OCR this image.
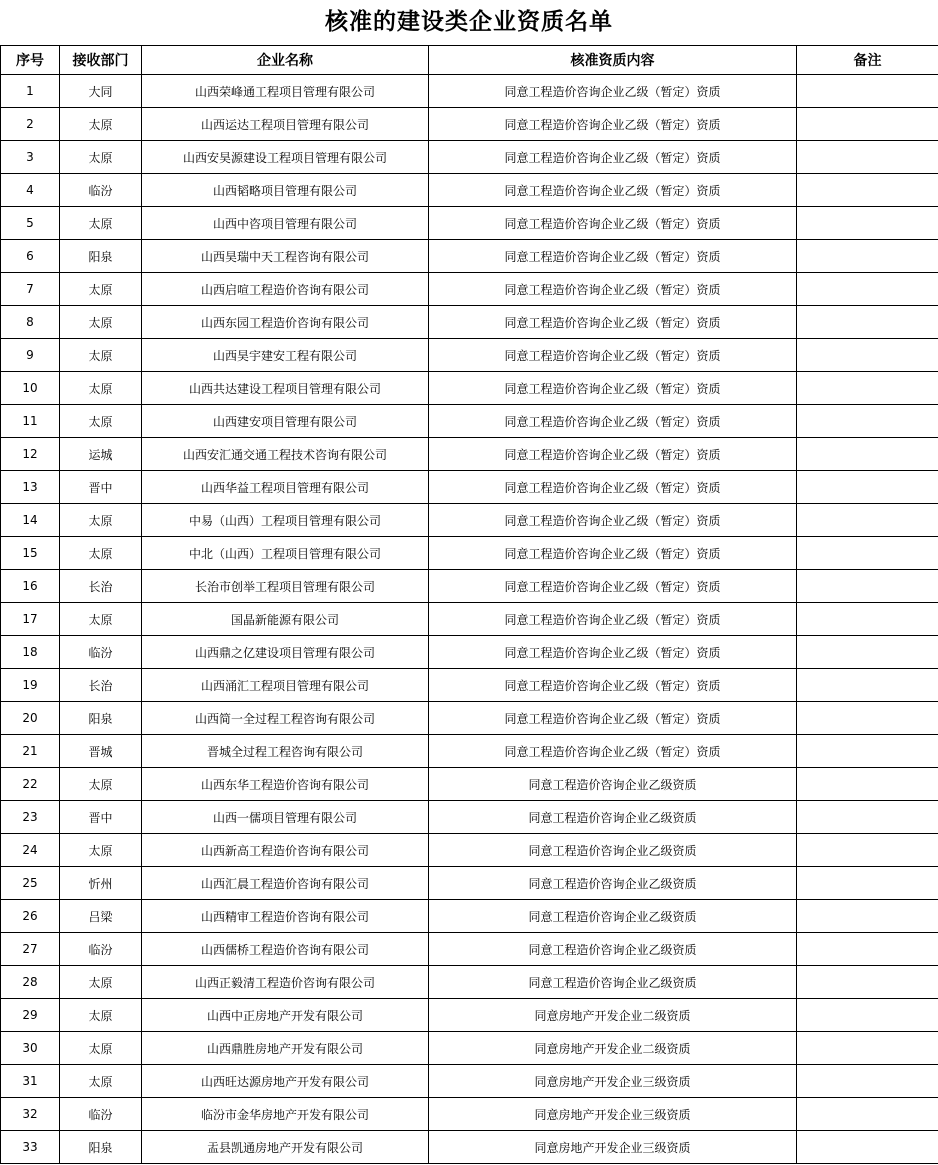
核准的建设类企业资质名单
序号	接收部门	企业名称	核准资质内容	备注
1	大同	山西荣峰通工程项目管理有限公司	同意工程造价咨询企业乙级（暂定）资质	
2	太原	山西运达工程项目管理有限公司	同意工程造价咨询企业乙级（暂定）资质	
3	太原	山西安昊源建设工程项目管理有限公司	同意工程造价咨询企业乙级（暂定）资质	
4	临汾	山西韬略项目管理有限公司	同意工程造价咨询企业乙级（暂定）资质	
5	太原	山西中咨项目管理有限公司	同意工程造价咨询企业乙级（暂定）资质	
6	阳泉	山西昊瑞中天工程咨询有限公司	同意工程造价咨询企业乙级（暂定）资质	
7	太原	山西启喧工程造价咨询有限公司	同意工程造价咨询企业乙级（暂定）资质	
8	太原	山西东园工程造价咨询有限公司	同意工程造价咨询企业乙级（暂定）资质	
9	太原	山西昊宇建安工程有限公司	同意工程造价咨询企业乙级（暂定）资质	
10	太原	山西共达建设工程项目管理有限公司	同意工程造价咨询企业乙级（暂定）资质	
11	太原	山西建安项目管理有限公司	同意工程造价咨询企业乙级（暂定）资质	
12	运城	山西安汇通交通工程技术咨询有限公司	同意工程造价咨询企业乙级（暂定）资质	
13	晋中	山西华益工程项目管理有限公司	同意工程造价咨询企业乙级（暂定）资质	
14	太原	中易（山西）工程项目管理有限公司	同意工程造价咨询企业乙级（暂定）资质	
15	太原	中北（山西）工程项目管理有限公司	同意工程造价咨询企业乙级（暂定）资质	
16	长治	长治市创举工程项目管理有限公司	同意工程造价咨询企业乙级（暂定）资质	
17	太原	国晶新能源有限公司	同意工程造价咨询企业乙级（暂定）资质	
18	临汾	山西鼎之亿建设项目管理有限公司	同意工程造价咨询企业乙级（暂定）资质	
19	长治	山西涌汇工程项目管理有限公司	同意工程造价咨询企业乙级（暂定）资质	
20	阳泉	山西简一全过程工程咨询有限公司	同意工程造价咨询企业乙级（暂定）资质	
21	晋城	晋城全过程工程咨询有限公司	同意工程造价咨询企业乙级（暂定）资质	
22	太原	山西东华工程造价咨询有限公司	同意工程造价咨询企业乙级资质	
23	晋中	山西一儒项目管理有限公司	同意工程造价咨询企业乙级资质	
24	太原	山西新高工程造价咨询有限公司	同意工程造价咨询企业乙级资质	
25	忻州	山西汇晨工程造价咨询有限公司	同意工程造价咨询企业乙级资质	
26	吕梁	山西精审工程造价咨询有限公司	同意工程造价咨询企业乙级资质	
27	临汾	山西儒桥工程造价咨询有限公司	同意工程造价咨询企业乙级资质	
28	太原	山西正毅清工程造价咨询有限公司	同意工程造价咨询企业乙级资质	
29	太原	山西中正房地产开发有限公司	同意房地产开发企业二级资质	
30	太原	山西鼎胜房地产开发有限公司	同意房地产开发企业二级资质	
31	太原	山西旺达源房地产开发有限公司	同意房地产开发企业三级资质	
32	临汾	临汾市金华房地产开发有限公司	同意房地产开发企业三级资质	
33	阳泉	盂县凯通房地产开发有限公司	同意房地产开发企业三级资质	
